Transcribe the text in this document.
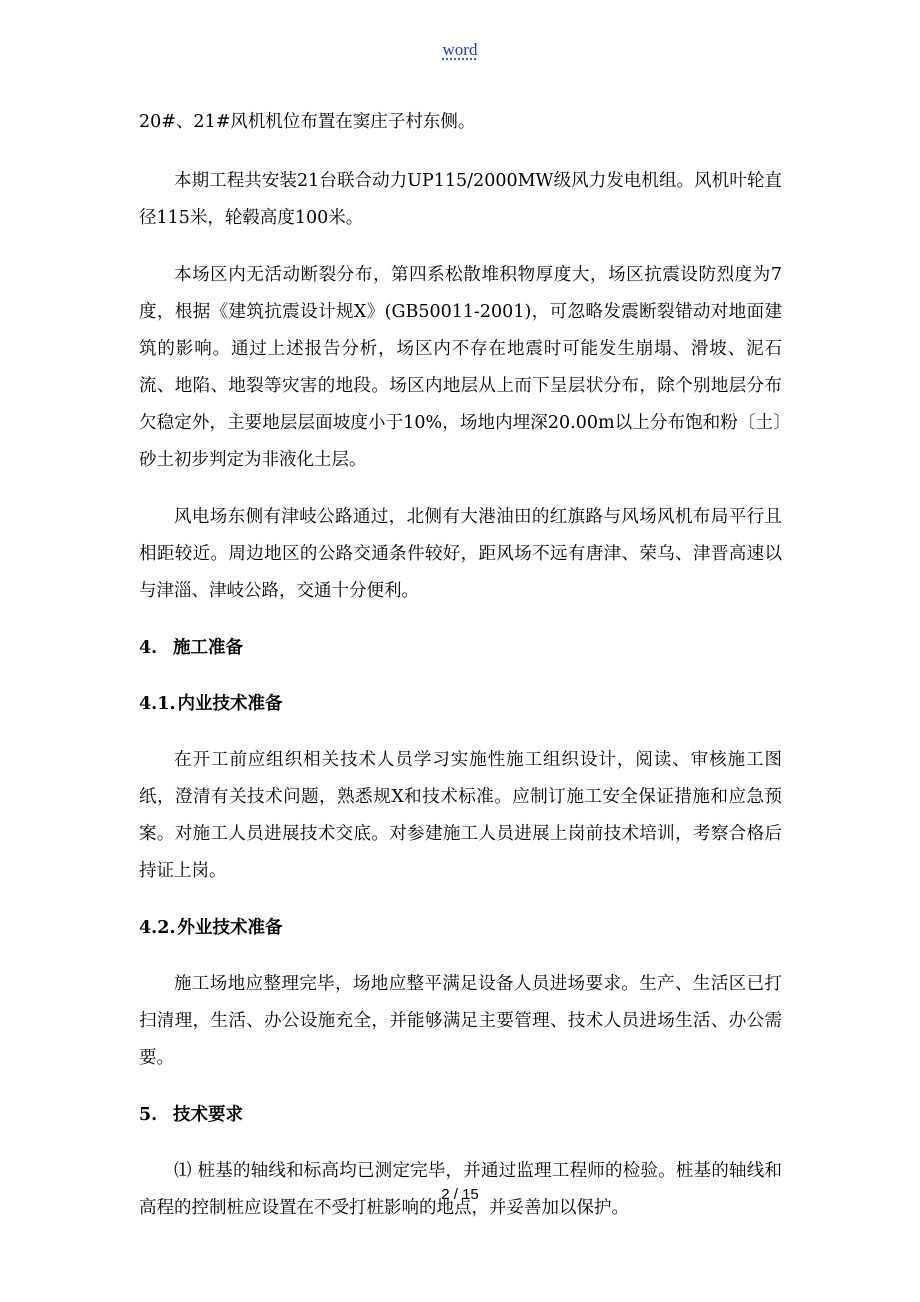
word

20#、21#风机机位布置在窦庄子村东侧。

本期工程共安装21台联合动力UP115/2000MW级风力发电机组。风机叶轮直径115米，轮毂高度100米。

本场区内无活动断裂分布，第四系松散堆积物厚度大，场区抗震设防烈度为7度，根据《建筑抗震设计规X》(GB50011-2001)，可忽略发震断裂错动对地面建筑的影响。通过上述报告分析，场区内不存在地震时可能发生崩塌、滑坡、泥石流、地陷、地裂等灾害的地段。场区内地层从上而下呈层状分布，除个别地层分布欠稳定外，主要地层层面坡度小于10%，场地内埋深20.00m以上分布饱和粉〔土〕砂土初步判定为非液化土层。

风电场东侧有津岐公路通过，北侧有大港油田的红旗路与风场风机布局平行且相距较近。周边地区的公路交通条件较好，距风场不远有唐津、荣乌、津晋高速以与津淄、津岐公路，交通十分便利。

4. 施工准备
4.1. 内业技术准备

在开工前应组织相关技术人员学习实施性施工组织设计，阅读、审核施工图纸，澄清有关技术问题，熟悉规X和技术标准。应制订施工安全保证措施和应急预案。对施工人员进展技术交底。对参建施工人员进展上岗前技术培训，考察合格后持证上岗。

4.2. 外业技术准备

施工场地应整理完毕，场地应整平满足设备人员进场要求。生产、生活区已打扫清理，生活、办公设施充全，并能够满足主要管理、技术人员进场生活、办公需要。

5. 技术要求

⑴ 桩基的轴线和标高均已测定完毕，并通过监理工程师的检验。桩基的轴线和高程的控制桩应设置在不受打桩影响的地点，并妥善加以保护。

2 / 15
